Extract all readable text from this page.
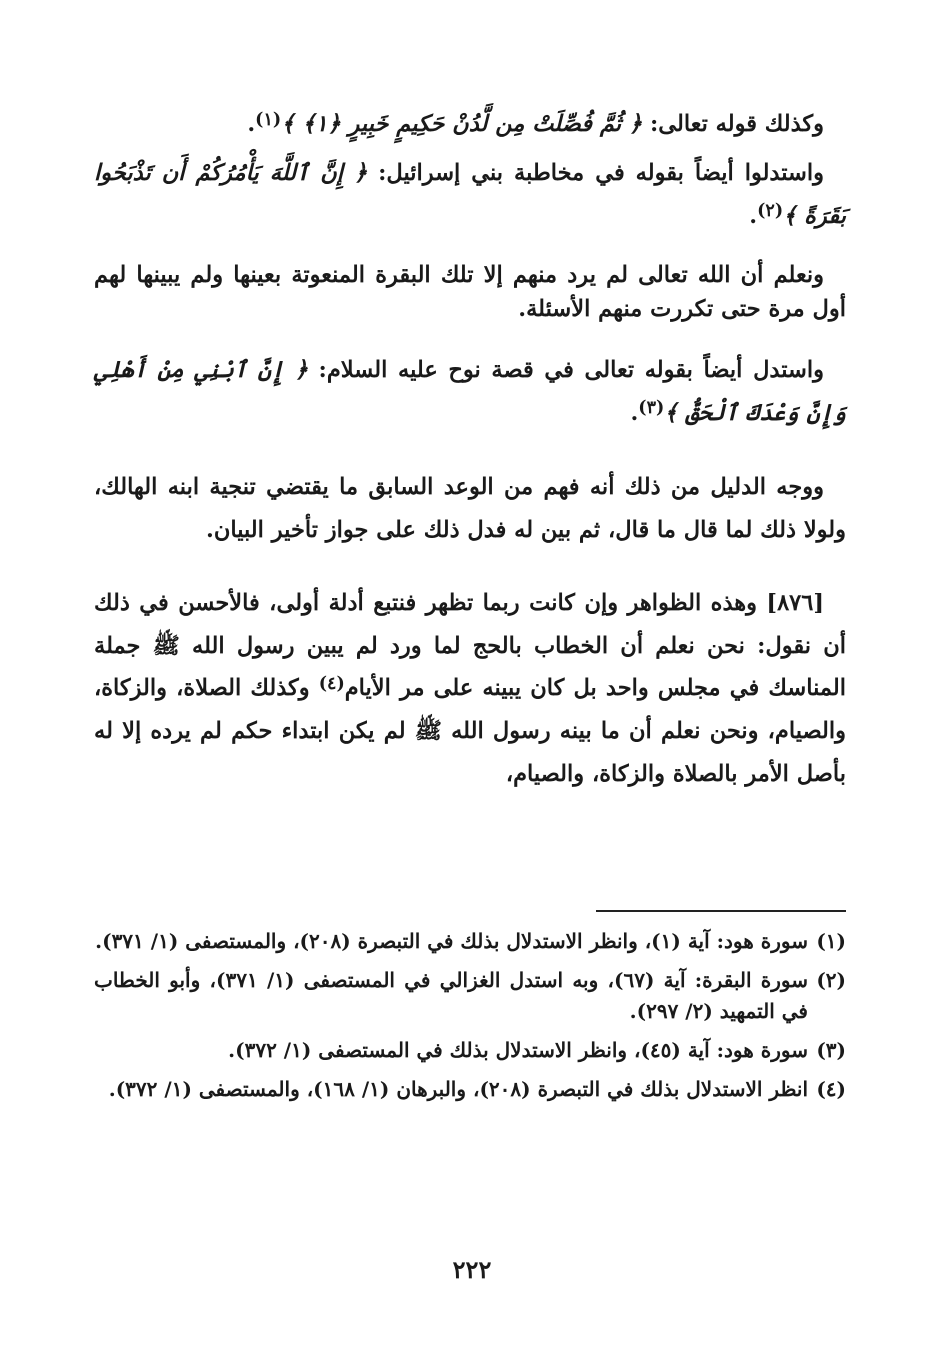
وكذلك قوله تعالى: ﴿ ثُمَّ فُصِّلَتْ مِن لَّدُنْ حَكِيمٍ خَبِيرٍ ﴿١﴾ ﴾$^{(١)}$.

واستدلوا أيضاً بقوله في مخاطبة بني إسرائيل: ﴿ إِنَّ ٱللَّهَ يَأْمُرُكُمْ أَن تَذْبَحُوا بَقَرَةً ﴾$^{(٢)}$.

ونعلم أن الله تعالى لم يرد منهم إلا تلك البقرة المنعوتة بعينها ولم يبينها لهم أول مرة حتى تكررت منهم الأسئلة.

واستدل أيضاً بقوله تعالى في قصة نوح عليه السلام: ﴿ إِنَّ ٱبْنِي مِنْ أَهْلِي وَإِنَّ وَعْدَكَ ٱلْحَقُّ ﴾$^{(٣)}$.

ووجه الدليل من ذلك أنه فهم من الوعد السابق ما يقتضي تنجية ابنه الهالك، ولولا ذلك لما قال ما قال، ثم بين له فدل ذلك على جواز تأخير البيان.

[٨٧٦] وهذه الظواهر وإن كانت ربما تظهر فنتبع أدلة أولى، فالأحسن في ذلك أن نقول: نحن نعلم أن الخطاب بالحج لما ورد لم يبين رسول الله ﷺ جملة المناسك في مجلس واحد بل كان يبينه على مر الأيام$^{(٤)}$ وكذلك الصلاة، والزكاة، والصيام، ونحن نعلم أن ما بينه رسول الله ﷺ لم يكن ابتداء حكم لم يرده إلا له بأصل الأمر بالصلاة والزكاة، والصيام،

(١)
سورة هود: آية (١)، وانظر الاستدلال بذلك في التبصرة (٢٠٨)، والمستصفى (١/ ٣٧١).
(٢)
سورة البقرة: آية (٦٧)، وبه استدل الغزالي في المستصفى (١/ ٣٧١)، وأبو الخطاب في التمهيد (٢/ ٢٩٧).
(٣)
سورة هود: آية (٤٥)، وانظر الاستدلال بذلك في المستصفى (١/ ٣٧٢).
(٤)
انظر الاستدلال بذلك في التبصرة (٢٠٨)، والبرهان (١/ ١٦٨)، والمستصفى (١/ ٣٧٢).
٢٢٢
